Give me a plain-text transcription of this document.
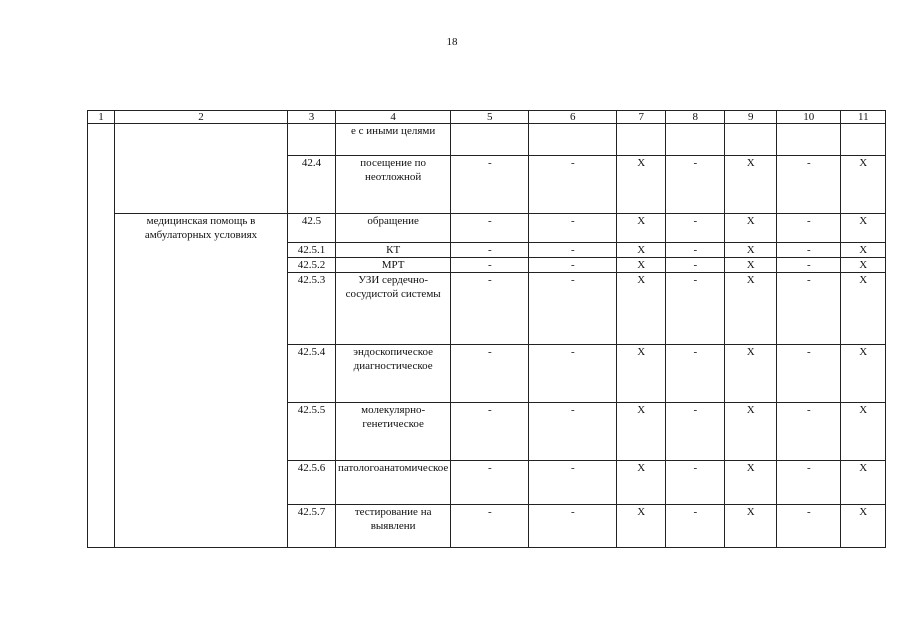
18
1	2	3	4	5	6	7	8	9	10	11
			е с иными целями							
		42.4	посещение по неотложной	-	-	X	-	X	-	X
	медицинская помощь в амбулаторных условиях	42.5	обращение	-	-	X	-	X	-	X
		42.5.1	КТ	-	-	X	-	X	-	X
		42.5.2	МРТ	-	-	X	-	X	-	X
		42.5.3	УЗИ сердечно-сосудистой системы	-	-	X	-	X	-	X
		42.5.4	эндоскопическое диагностическое	-	-	X	-	X	-	X
		42.5.5	молекулярно-генетическое	-	-	X	-	X	-	X
		42.5.6	патологоанатомическое	-	-	X	-	X	-	X
		42.5.7	тестирование на выявлени	-	-	X	-	X	-	X
